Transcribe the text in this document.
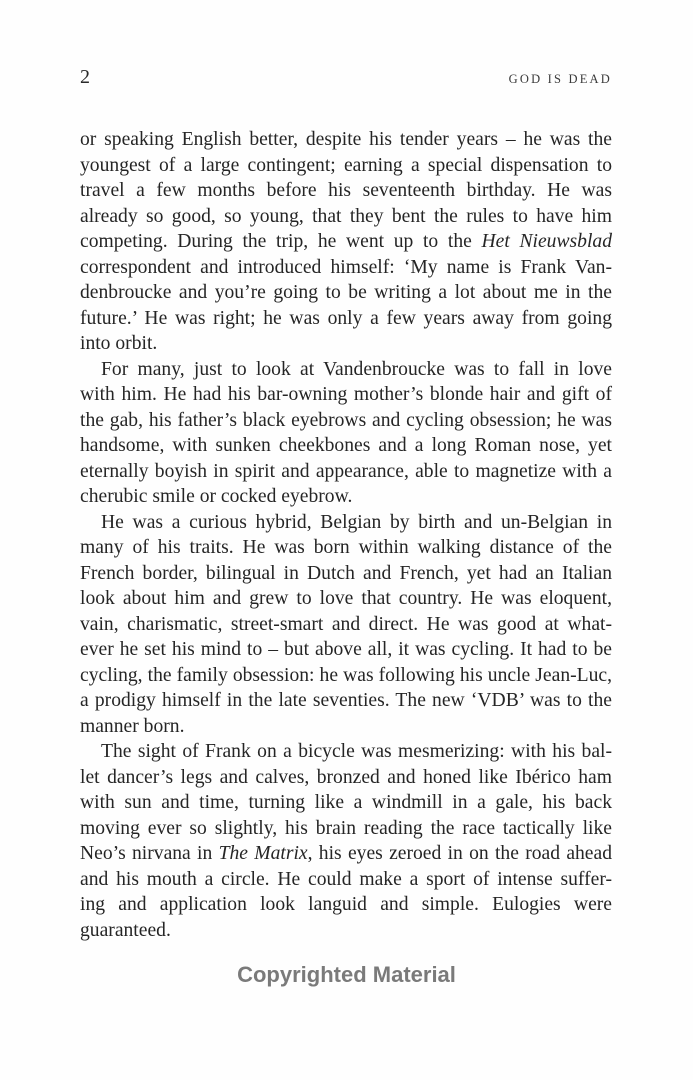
2	GOD IS DEAD

or speaking English better, despite his tender years – he was the
youngest of a large contingent; earning a special dispensation to
travel a few months before his seventeenth birthday. He was
already so good, so young, that they bent the rules to have him
competing. During the trip, he went up to the Het Nieuwsblad
correspondent and introduced himself: ‘My name is Frank Van-
denbroucke and you’re going to be writing a lot about me in the
future.’ He was right; he was only a few years away from going
into orbit.

For many, just to look at Vandenbroucke was to fall in love
with him. He had his bar-owning mother’s blonde hair and gift of
the gab, his father’s black eyebrows and cycling obsession; he was
handsome, with sunken cheekbones and a long Roman nose, yet
eternally boyish in spirit and appearance, able to magnetize with a
cherubic smile or cocked eyebrow.

He was a curious hybrid, Belgian by birth and un-Belgian in
many of his traits. He was born within walking distance of the
French border, bilingual in Dutch and French, yet had an Italian
look about him and grew to love that country. He was eloquent,
vain, charismatic, street-smart and direct. He was good at what-
ever he set his mind to – but above all, it was cycling. It had to be
cycling, the family obsession: he was following his uncle Jean-Luc,
a prodigy himself in the late seventies. The new ‘VDB’ was to the
manner born.

The sight of Frank on a bicycle was mesmerizing: with his bal-
let dancer’s legs and calves, bronzed and honed like Ibérico ham
with sun and time, turning like a windmill in a gale, his back
moving ever so slightly, his brain reading the race tactically like
Neo’s nirvana in The Matrix, his eyes zeroed in on the road ahead
and his mouth a circle. He could make a sport of intense suffer-
ing and application look languid and simple. Eulogies were
guaranteed.

Copyrighted Material
